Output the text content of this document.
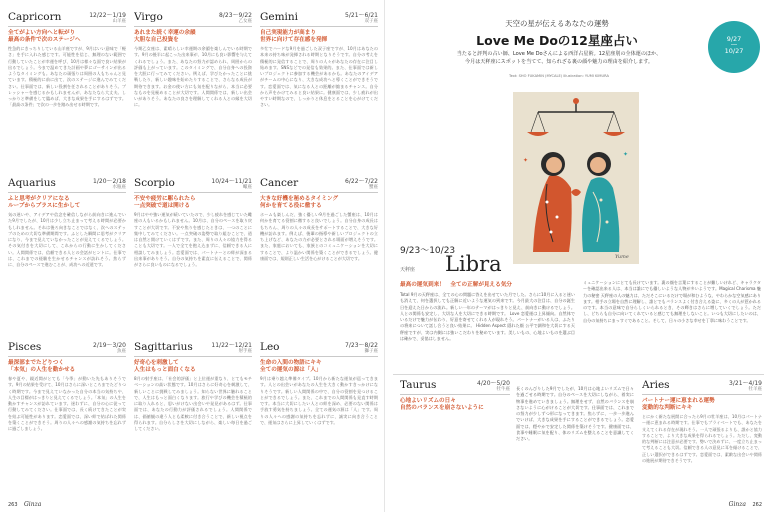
Capricorn	12/22～1/19
山羊座
全てがよい方向へと転がり
最高の条件で次のステージへ
性急的にきっちりしている山羊座ですが、9月はいい意味で「軽さ」を手に入れた感じです。可能性を信じ、無理のない範囲で行動していたことが幸運を呼び、10月は様々な面で良い結果が出るでしょう。今まで温めてきた計画や夢にゴーサインが出るようなタイミングも。あなたの頑張りは周囲の人もちゃんと見ています。積極的に前に出て、次のステージに進んでみてください。仕事面では、新しい役割を任されることがありそう。プレッシャーを感じるかもしれませんが、あなたなら大丈夫。しっかりと準備をして臨めば、大きな成果を手にするはずです。「最高の条件」で次の一歩を踏み出せる時期です。
Virgo	8/23～9/22
乙女座
あれまた続く幸運の余韻
大胆な自己投資を
今期乙女座は、素晴らしい幸運期の余韻を楽しんでいる時期です。9月の後半に起こった出来事が、10月にも良い影響を与えてくれるでしょう。また、あなたの努力が認められ、周囲からの評価も上がっています。このタイミングで、自分自身への投資を大胆に行ってみてください。例えば、学びたかったことに挑戦したり、新しい趣味を始めたりすることで、さらなる成長が期待できます。お金の使い方にも気を配りながら、本当に必要なものを見極めることが大切です。人間関係では、新しい出会いがありそう。あなたの良さを理解してくれる人との縁を大切に。
Gemini	5/21～6/21
双子座
自己実現能力が高まり
世界に向けて存在感を発揮
多忙でハードな9月を過ごした双子座ですが、10月はあなたの本来の持ち味が発揮される時期となりそうです。自分の考えを積極的に発信することで、周りの人々があなたの存在に注目し始めます。SNSなどでの発信も効果的。また、仕事面では新しいプロジェクトに参加する機会があるかも。あなたのアイデアがチームの中心になり、大きな成功へと導くことができそうです。恋愛面では、気になる人との距離が縮まるチャンス。自分から声をかけてみると良い結果に。健康面では、少し疲れが出やすい時期なので、しっかりと休息をとることを心がけてください。
Aquarius	1/20～2/18
水瓶座
ふと思考がクリアになる
ループからプラスに生かして
気の迷いや、アイデアや信念を確信しながら前向きに進んでいた9月でしたが、10月は少し立ち止まって考える時間が必要かもしれません。それは後ろ向きなことではなく、次へのステップのための大切な準備期間です。ふとした瞬間に思考がクリアになり、今まで見えていなかったことが見えてくるでしょう。その気付きを大切にして、これからの行動に生かしてください。人間関係では、信頼できる人との会話がヒントに。仕事では、これまでの経験を生かせるチャンスが訪れそう。焦らずに、自分のペースで進むことが、成功への近道です。
Scorpio	10/24～11/21
蠍座
不安や疲労に駆られたら
一点突破で道は開ける
9月はやや強い運気が続いていたので、少し疲れを感じていた蠍座の人もいるかもしれません。10月は、自分のペースを取り戻すことが大切です。不安や焦りを感じたときは、一つのことに集中してみてください。一点突破の姿勢で取り組むことで、道は自然と開けていくはずです。また、周りの人々の協力を得ることも大切です。一人で全てを抱え込まずに、信頼できる人に相談してみましょう。恋愛面では、パートナーとの絆が深まる出来事がありそう。自分の気持ちを素直に伝えることで、関係がさらに良いものになるでしょう。
Cancer	6/22～7/22
蟹座
大きな好機を秘めるタイミング
何かを育てる役に徹する
ホームも楽しんだ、強く優しい9月を過ごした蟹座は、10月は何かを育てる役割に徹すると良いでしょう。自分自身の成長はもちろん、周りの人々の成長をサポートすることで、大きな好機が訪れます。例えば、後輩の指導や新しいプロジェクトの立ち上げなど、あなたの力が必要とされる場面が増えそうです。また、家庭においても、家族とのコミュニケーションを大切にすることで、より温かい関係を築くことができるでしょう。健康面では、規則正しい生活を心がけることが大切です。
Pisces	2/19～3/20
魚座
最深部までたどりつく
「本気」の人生を動かせる
春や夏や、親近間がとても「今季」が動いた先もありそうです。9月の結果を受けて、10月はさらに深いところまでたどりつく時期です。今まで見えていなかった自分の本当の気持ちや、人生の目標がはっきりと見えてくるでしょう。「本気」の人生を動かすチャンスが訪れています。迷わずに、自分の心に従って行動してみてください。仕事面では、長く続けてきたことが実を結ぶ可能性があります。恋愛面では、深い絆で結ばれた関係を築くことができそう。周りの人々への感謝の気持ちを忘れずに過ごしましょう。
Sagittarius	11/22～12/21
射手座
好奇心を刺激して
人生はもっと面白くなる
8月の射手座は、「社会的評価」と上位運が重なり、とてもモチベーションの高い状態です。10月はさらに好奇心を刺激して、新しいことに挑戦してみましょう。知らない世界に触れることで、人生はもっと面白くなります。旅行や学びの機会を積極的に取り入れると、思いがけない出会いや発見があるはず。仕事面では、あなたの行動力が評価されるでしょう。人間関係では、価値観の違う人とも柔軟に付き合うことで、新しい視点を得られます。自分らしさを大切にしながら、楽しい毎日を過ごしてください。
Leo	7/23～8/22
獅子座
生命の入間の物語にキキ
全ての運気の源は「人」
9月は乗り越え準備タイプ。10月から新たな運気が巡ってきます。人との出会いがあなたの人生を大きく動かすきっかけになりそうです。新しい人間関係の中で、自分の役割を見つけることができるでしょう。また、これまでの人間関係も見直す時期です。本当に大切にしたい人との絆を深め、必要のない関係は手放す勇気を持ちましょう。全ての運気の源は「人」です。周りの人々への感謝の気持ちを忘れずに、誠実に向き合うことで、運気はさらに上昇していくはずです。
263 Ginza
天空の星が伝えるあなたの運勢
Love Me Doの12星座占い
当たると評判の占い師、Love Me Doさんによる西洋占星術。12星座別の全体運のほか、
今月は天秤座にスポットを当てて、知られざる裏の顔や魅力の理由を紹介します。
Text: SHO FUKAMIN (MYCALE) Illustration: YUMI KIMURA
9/27
―
10/27
✦
✦
Yume
9/23～10/23
Libra
天秤座
最高の運気到来！　全ての正解が見える気分
Total 9月の天秤座は、全ての心の問題に答えを出せていた月でした。さらに10月に入ると迷いも消えて、何を選択しても正解に近いような運気の到来です。今月最大の注目は、自分の誕生日を迎えた日からの流れ。新しい一年のテーマがはっきりと見え、前向きに動けるでしょう。人との関係も安定し、大切な人を大切にできる時期です。 Love 恋愛運は上昇傾向。自然体でいるだけで魅力が伝わり、好意を寄せてくれる人が現れそう。パートナーがいる人は、ふたりの将来について話し合うと良い結果に。 Hidden Aspect 隠れた顔 公平で調和を大切にする天秤座ですが、実は内側には強いこだわりを秘めています。美しいもの、心地よいものを選ぶ目は確かで、妥協はしません。
ミュニケーションにとても長けています。裏の顔を言葉にすることが難しいけれど、キャラクターを確認出来る人は、本当は誰にでも優しいような人物が多いようです。Magical Charisma 魅力の秘密 天秤座の人の魅力は、ただそこにいるだけで場が和むような、やわらかな空気感にあります。相手の立場を自然に理解し、誰とでもバランスよく付き合える姿に、多くの人が惹かれるのです。本当の意味で自分らしくいられるとき、その輝きはさらに増していくでしょう。ただし、どちらも自分に向いてくれていると感じても無理をしないこと。いつも大切にしたいのは、自分の気持ちにまっすぐであること。そして、日々の小さな幸せを丁寧に味わうことです。
Taurus	4/20～5/20
牡牛座
心地よいリズムの日々
自然のバランスを崩さないように
長くのんびりした9月でしたが、10月は心地よいリズムで日々を過ごせる時期です。自分のペースを大切にしながら、着実に物事を進めていきましょう。無理をせず、自然のバランスを崩さないように心がけることが大切です。仕事面では、これまでの努力が少しずつ形になってきます。焦らずに、一歩一歩進んでいけば、大きな成果を手にすることができるでしょう。恋愛面では、穏やかで安定した関係を築けそうです。健康面では、食事や睡眠に気を配り、体のリズムを整えることを意識してください。
Aries	3/21～4/19
牡羊座
パートナー運に恵まれる運勢
変動的な判断にキキ
とにかく新たな展開に合ったら9月の牡羊座は、10月はパートナー運に恵まれる時期です。仕事でもプライベートでも、あなたを支えてくれる存在が現れそう。一人で頑張るよりも、誰かと協力することで、より大きな成果を得られるでしょう。ただし、変動的な判断には注意が必要です。勢いで決めずに、一度立ち止まって考えることも大切。信頼できる人の意見に耳を傾けることで、正しい選択ができるはずです。恋愛面では、素敵な出会いや関係の進展が期待できそうです。
Ginza 262
